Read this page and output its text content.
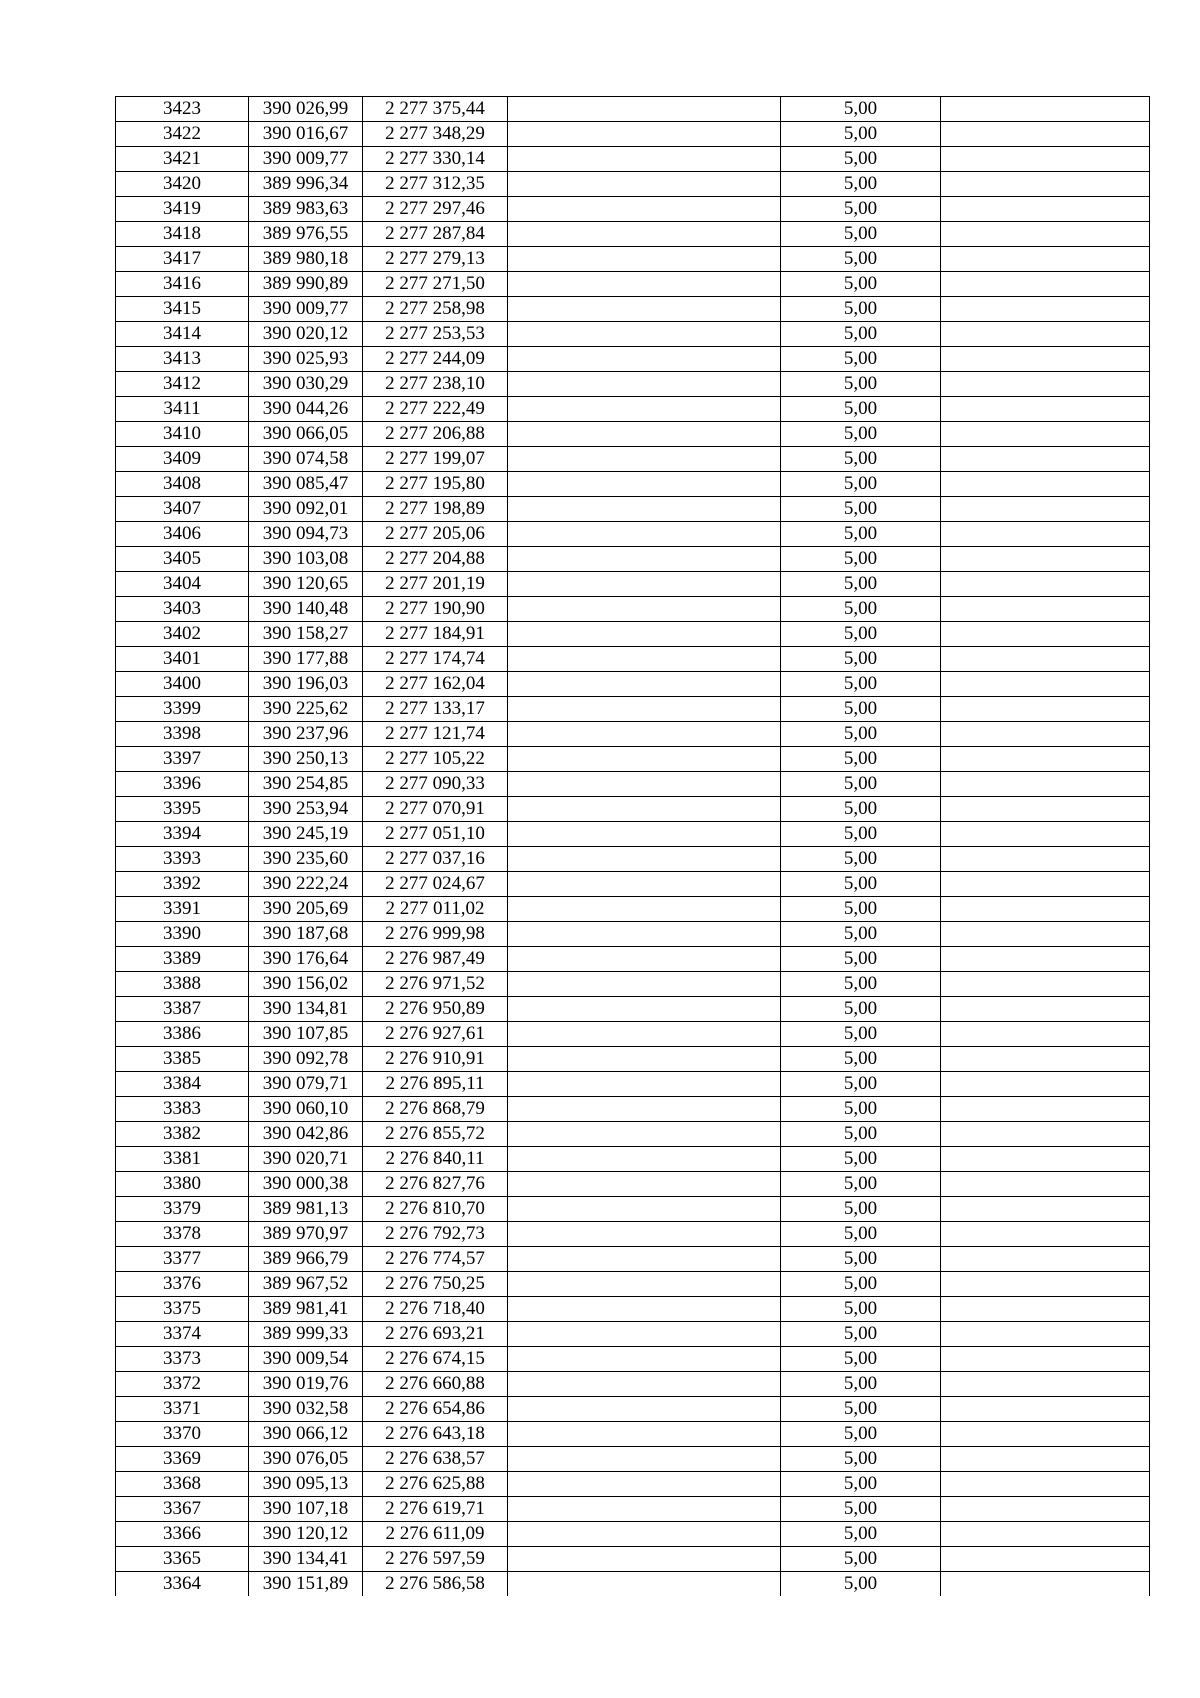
3423	390 026,99	2 277 375,44		5,00	
3422	390 016,67	2 277 348,29		5,00	
3421	390 009,77	2 277 330,14		5,00	
3420	389 996,34	2 277 312,35		5,00	
3419	389 983,63	2 277 297,46		5,00	
3418	389 976,55	2 277 287,84		5,00	
3417	389 980,18	2 277 279,13		5,00	
3416	389 990,89	2 277 271,50		5,00	
3415	390 009,77	2 277 258,98		5,00	
3414	390 020,12	2 277 253,53		5,00	
3413	390 025,93	2 277 244,09		5,00	
3412	390 030,29	2 277 238,10		5,00	
3411	390 044,26	2 277 222,49		5,00	
3410	390 066,05	2 277 206,88		5,00	
3409	390 074,58	2 277 199,07		5,00	
3408	390 085,47	2 277 195,80		5,00	
3407	390 092,01	2 277 198,89		5,00	
3406	390 094,73	2 277 205,06		5,00	
3405	390 103,08	2 277 204,88		5,00	
3404	390 120,65	2 277 201,19		5,00	
3403	390 140,48	2 277 190,90		5,00	
3402	390 158,27	2 277 184,91		5,00	
3401	390 177,88	2 277 174,74		5,00	
3400	390 196,03	2 277 162,04		5,00	
3399	390 225,62	2 277 133,17		5,00	
3398	390 237,96	2 277 121,74		5,00	
3397	390 250,13	2 277 105,22		5,00	
3396	390 254,85	2 277 090,33		5,00	
3395	390 253,94	2 277 070,91		5,00	
3394	390 245,19	2 277 051,10		5,00	
3393	390 235,60	2 277 037,16		5,00	
3392	390 222,24	2 277 024,67		5,00	
3391	390 205,69	2 277 011,02		5,00	
3390	390 187,68	2 276 999,98		5,00	
3389	390 176,64	2 276 987,49		5,00	
3388	390 156,02	2 276 971,52		5,00	
3387	390 134,81	2 276 950,89		5,00	
3386	390 107,85	2 276 927,61		5,00	
3385	390 092,78	2 276 910,91		5,00	
3384	390 079,71	2 276 895,11		5,00	
3383	390 060,10	2 276 868,79		5,00	
3382	390 042,86	2 276 855,72		5,00	
3381	390 020,71	2 276 840,11		5,00	
3380	390 000,38	2 276 827,76		5,00	
3379	389 981,13	2 276 810,70		5,00	
3378	389 970,97	2 276 792,73		5,00	
3377	389 966,79	2 276 774,57		5,00	
3376	389 967,52	2 276 750,25		5,00	
3375	389 981,41	2 276 718,40		5,00	
3374	389 999,33	2 276 693,21		5,00	
3373	390 009,54	2 276 674,15		5,00	
3372	390 019,76	2 276 660,88		5,00	
3371	390 032,58	2 276 654,86		5,00	
3370	390 066,12	2 276 643,18		5,00	
3369	390 076,05	2 276 638,57		5,00	
3368	390 095,13	2 276 625,88		5,00	
3367	390 107,18	2 276 619,71		5,00	
3366	390 120,12	2 276 611,09		5,00	
3365	390 134,41	2 276 597,59		5,00	
3364	390 151,89	2 276 586,58		5,00	
